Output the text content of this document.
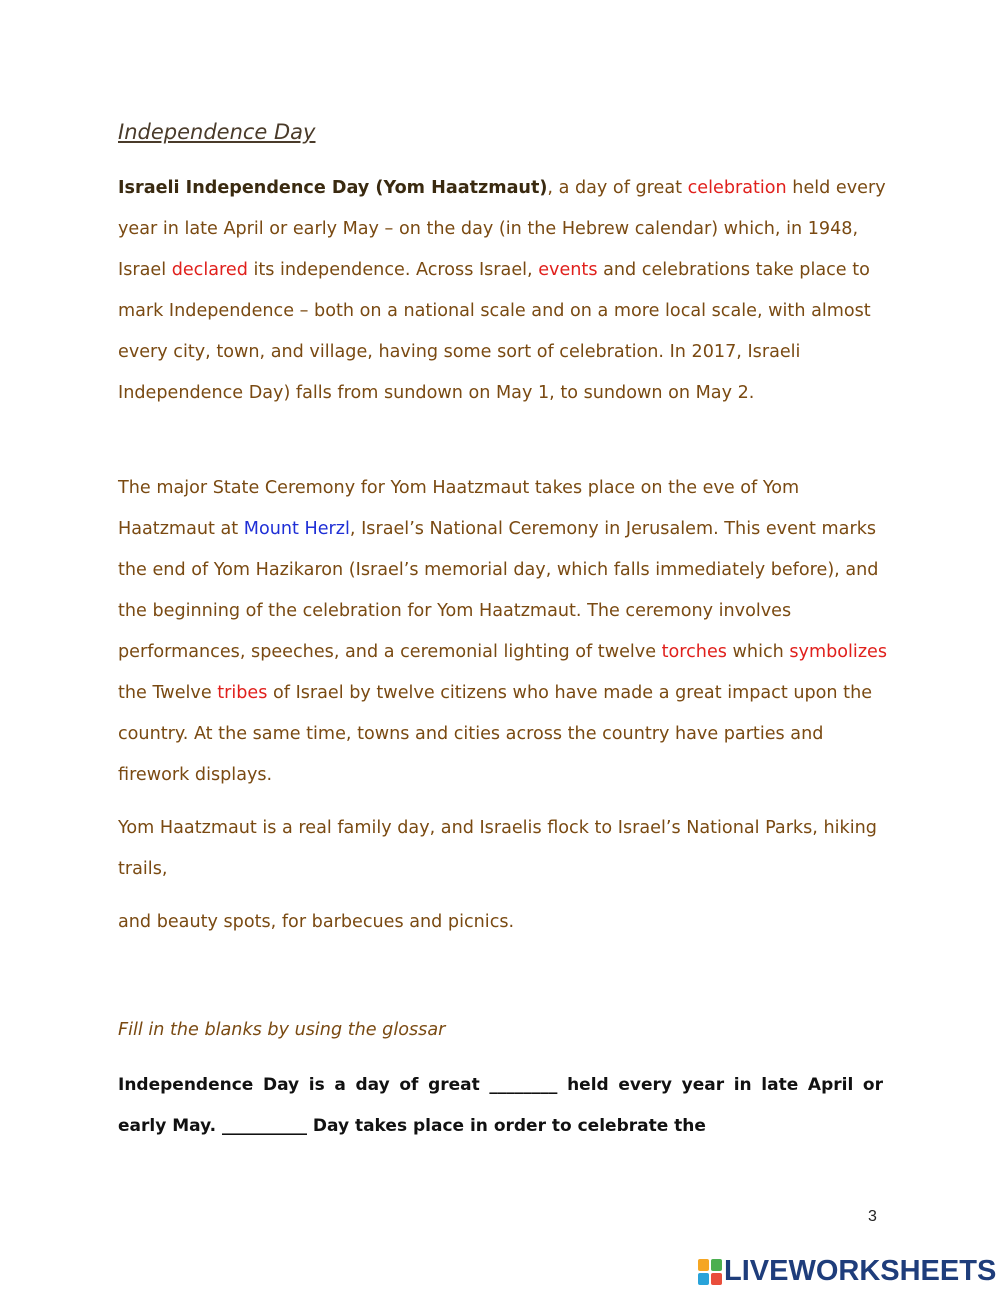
Independence Day

Israeli Independence Day (Yom Haatzmaut), a day of great celebration held every year in late April or early May – on the day (in the Hebrew calendar) which, in 1948, Israel declared its independence. Across Israel, events and celebrations take place to mark Independence – both on a national scale and on a more local scale, with almost every city, town, and village, having some sort of celebration. In 2017, Israeli Independence Day) falls from sundown on May 1, to sundown on May 2.

The major State Ceremony for Yom Haatzmaut takes place on the eve of Yom Haatzmaut at Mount Herzl, Israel’s National Ceremony in Jerusalem. This event marks the end of Yom Hazikaron (Israel’s memorial day, which falls immediately before), and the beginning of the celebration for Yom Haatzmaut. The ceremony involves performances, speeches, and a ceremonial lighting of twelve torches which symbolizes the Twelve tribes of Israel by twelve citizens who have made a great impact upon the country. At the same time, towns and cities across the country have parties and firework displays.

Yom Haatzmaut is a real family day, and Israelis flock to Israel’s National Parks, hiking trails,

and beauty spots, for barbecues and picnics.

Fill in the blanks by using the glossar

Independence Day is a day of great ________ held every year in late April or early May. __________ Day takes place in order to celebrate the

3
LIVEWORKSHEETS
